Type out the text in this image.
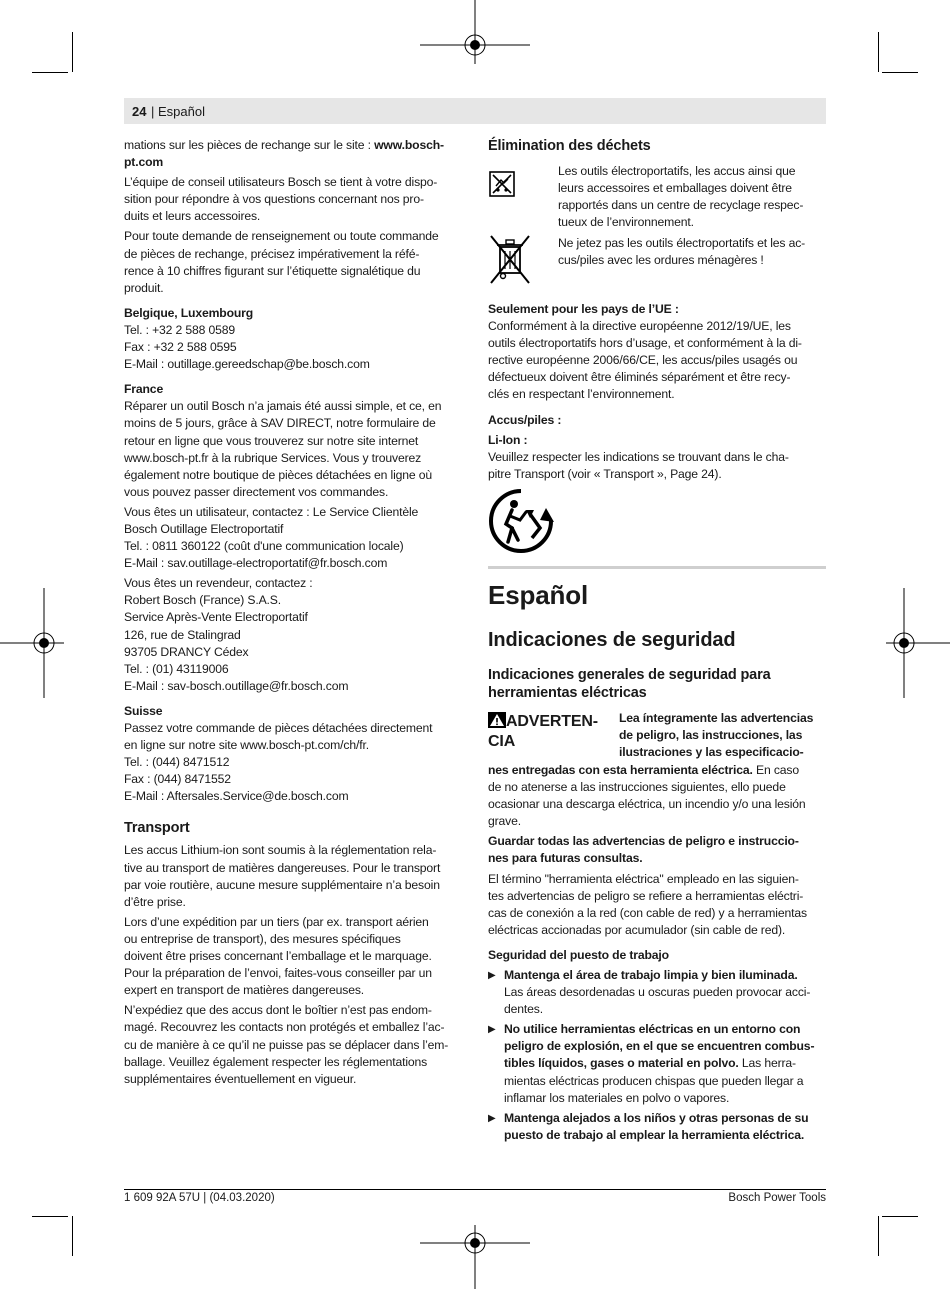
24 | Español

mations sur les pièces de rechange sur le site : www.bosch-
pt.com

L’équipe de conseil utilisateurs Bosch se tient à votre dispo-
sition pour répondre à vos questions concernant nos pro-
duits et leurs accessoires.

Pour toute demande de renseignement ou toute commande
de pièces de rechange, précisez impérativement la réfé-
rence à 10 chiffres figurant sur l’étiquette signalétique du
produit.

Belgique, Luxembourg

Tel. : +32 2 588 0589
Fax : +32 2 588 0595
E-Mail : outillage.gereedschap@be.bosch.com

France

Réparer un outil Bosch n’a jamais été aussi simple, et ce, en
moins de 5 jours, grâce à SAV DIRECT, notre formulaire de
retour en ligne que vous trouverez sur notre site internet
www.bosch-pt.fr à la rubrique Services. Vous y trouverez
également notre boutique de pièces détachées en ligne où
vous pouvez passer directement vos commandes.

Vous êtes un utilisateur, contactez : Le Service Clientèle
Bosch Outillage Electroportatif
Tel. : 0811 360122 (coût d'une communication locale)
E-Mail : sav.outillage-electroportatif@fr.bosch.com

Vous êtes un revendeur, contactez :
Robert Bosch (France) S.A.S.
Service Après-Vente Electroportatif
126, rue de Stalingrad
93705 DRANCY Cédex
Tel. : (01) 43119006
E-Mail : sav-bosch.outillage@fr.bosch.com

Suisse

Passez votre commande de pièces détachées directement
en ligne sur notre site www.bosch-pt.com/ch/fr.
Tel. : (044) 8471512
Fax : (044) 8471552
E-Mail : Aftersales.Service@de.bosch.com

Transport

Les accus Lithium-ion sont soumis à la réglementation rela-
tive au transport de matières dangereuses. Pour le transport
par voie routière, aucune mesure supplémentaire n’a besoin
d’être prise.

Lors d’une expédition par un tiers (par ex. transport aérien
ou entreprise de transport), des mesures spécifiques
doivent être prises concernant l’emballage et le marquage.
Pour la préparation de l’envoi, faites-vous conseiller par un
expert en transport de matières dangereuses.

N’expédiez que des accus dont le boîtier n’est pas endom-
magé. Recouvrez les contacts non protégés et emballez l’ac-
cu de manière à ce qu’il ne puisse pas se déplacer dans l’em-
ballage. Veuillez également respecter les réglementations
supplémentaires éventuellement en vigueur.

Élimination des déchets
Les outils électroportatifs, les accus ainsi que
leurs accessoires et emballages doivent être
rapportés dans un centre de recyclage respec-
tueux de l’environnement.
Ne jetez pas les outils électroportatifs et les ac-
cus/piles avec les ordures ménagères !
Seulement pour les pays de l’UE :

Conformément à la directive européenne 2012/19/UE, les
outils électroportatifs hors d’usage, et conformément à la di-
rective européenne 2006/66/CE, les accus/piles usagés ou
défectueux doivent être éliminés séparément et être recy-
clés en respectant l’environnement.

Accus/piles :
Li-Ion :

Veuillez respecter les indications se trouvant dans le cha-
pitre Transport (voir « Transport », Page 24).

Español
Indicaciones de seguridad
Indicaciones generales de seguridad para
herramientas eléctricas
ADVERTEN-
CIA
Lea íntegramente las advertencias
de peligro, las instrucciones, las
ilustraciones y las especificacio-

nes entregadas con esta herramienta eléctrica. En caso
de no atenerse a las instrucciones siguientes, ello puede
ocasionar una descarga eléctrica, un incendio y/o una lesión
grave.

Guardar todas las advertencias de peligro e instruccio-
nes para futuras consultas.

El término "herramienta eléctrica" empleado en las siguien-
tes advertencias de peligro se refiere a herramientas eléctri-
cas de conexión a la red (con cable de red) y a herramientas
eléctricas accionadas por acumulador (sin cable de red).

Seguridad del puesto de trabajo
▶ Mantenga el área de trabajo limpia y bien iluminada.
Las áreas desordenadas u oscuras pueden provocar acci-
dentes.
▶ No utilice herramientas eléctricas en un entorno con
peligro de explosión, en el que se encuentren combus-
tibles líquidos, gases o material en polvo. Las herra-
mientas eléctricas producen chispas que pueden llegar a
inflamar los materiales en polvo o vapores.
▶ Mantenga alejados a los niños y otras personas de su
puesto de trabajo al emplear la herramienta eléctrica.
1 609 92A 57U | (04.03.2020)	Bosch Power Tools
